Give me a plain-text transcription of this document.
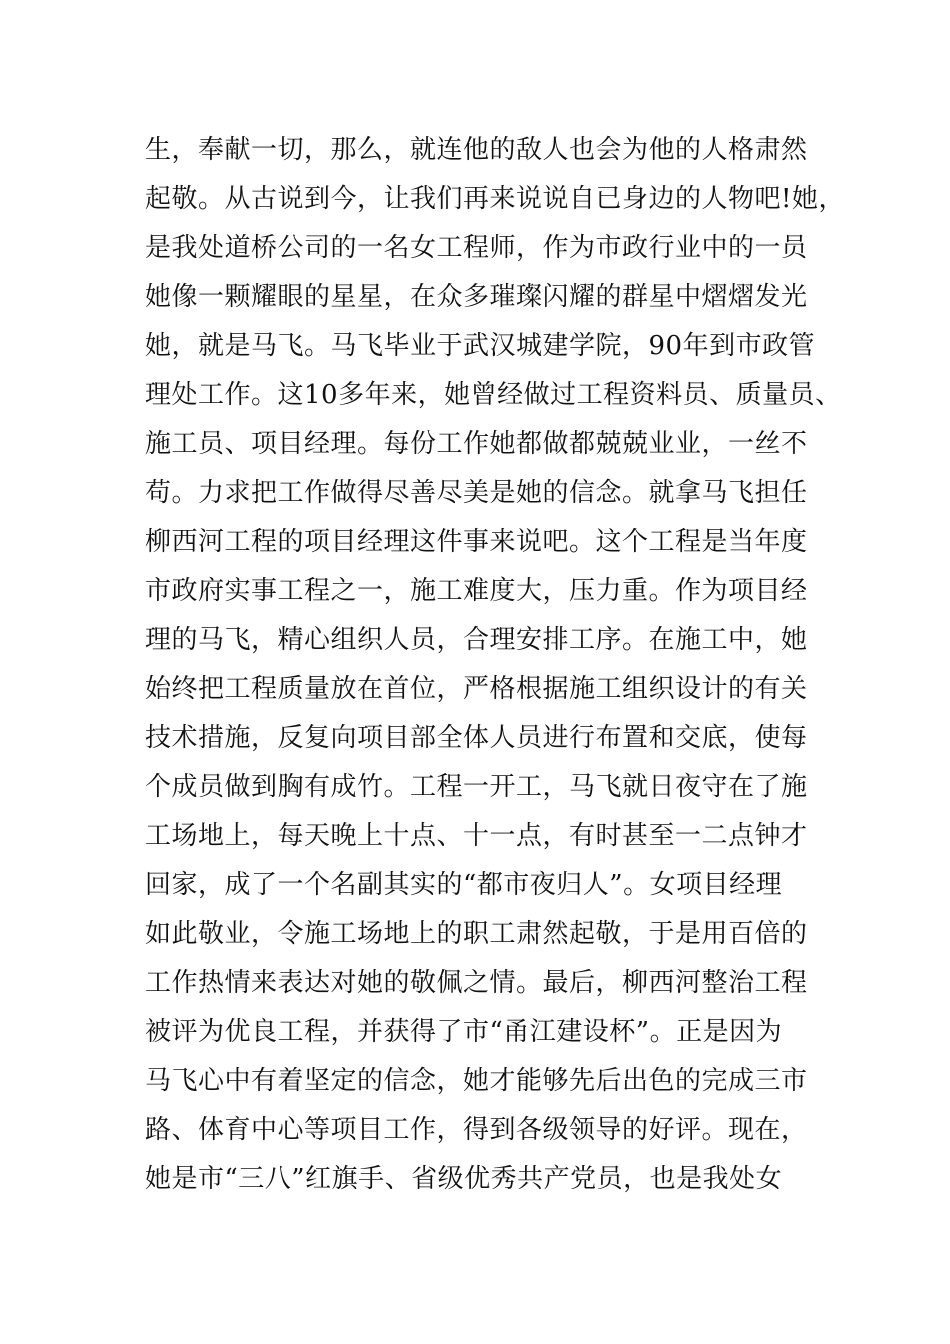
生，奉献一切，那么，就连他的敌人也会为他的人格肃然
起敬。从古说到今，让我们再来说说自已身边的人物吧!她，
是我处道桥公司的一名女工程师，作为市政行业中的一员
她像一颗耀眼的星星，在众多璀璨闪耀的群星中熠熠发光
她，就是马飞。马飞毕业于武汉城建学院，90年到市政管
理处工作。这10多年来，她曾经做过工程资料员、质量员、
施工员、项目经理。每份工作她都做都兢兢业业，一丝不
苟。力求把工作做得尽善尽美是她的信念。就拿马飞担任
柳西河工程的项目经理这件事来说吧。这个工程是当年度
市政府实事工程之一，施工难度大，压力重。作为项目经
理的马飞，精心组织人员，合理安排工序。在施工中，她
始终把工程质量放在首位，严格根据施工组织设计的有关
技术措施，反复向项目部全体人员进行布置和交底，使每
个成员做到胸有成竹。工程一开工，马飞就日夜守在了施
工场地上，每天晚上十点、十一点，有时甚至一二点钟才
回家，成了一个名副其实的“都市夜归人”。女项目经理
如此敬业，令施工场地上的职工肃然起敬，于是用百倍的
工作热情来表达对她的敬佩之情。最后，柳西河整治工程
被评为优良工程，并获得了市“甬江建设杯”。正是因为
马飞心中有着坚定的信念，她才能够先后出色的完成三市
路、体育中心等项目工作，得到各级领导的好评。现在，
她是市“三八”红旗手、省级优秀共产党员，也是我处女
